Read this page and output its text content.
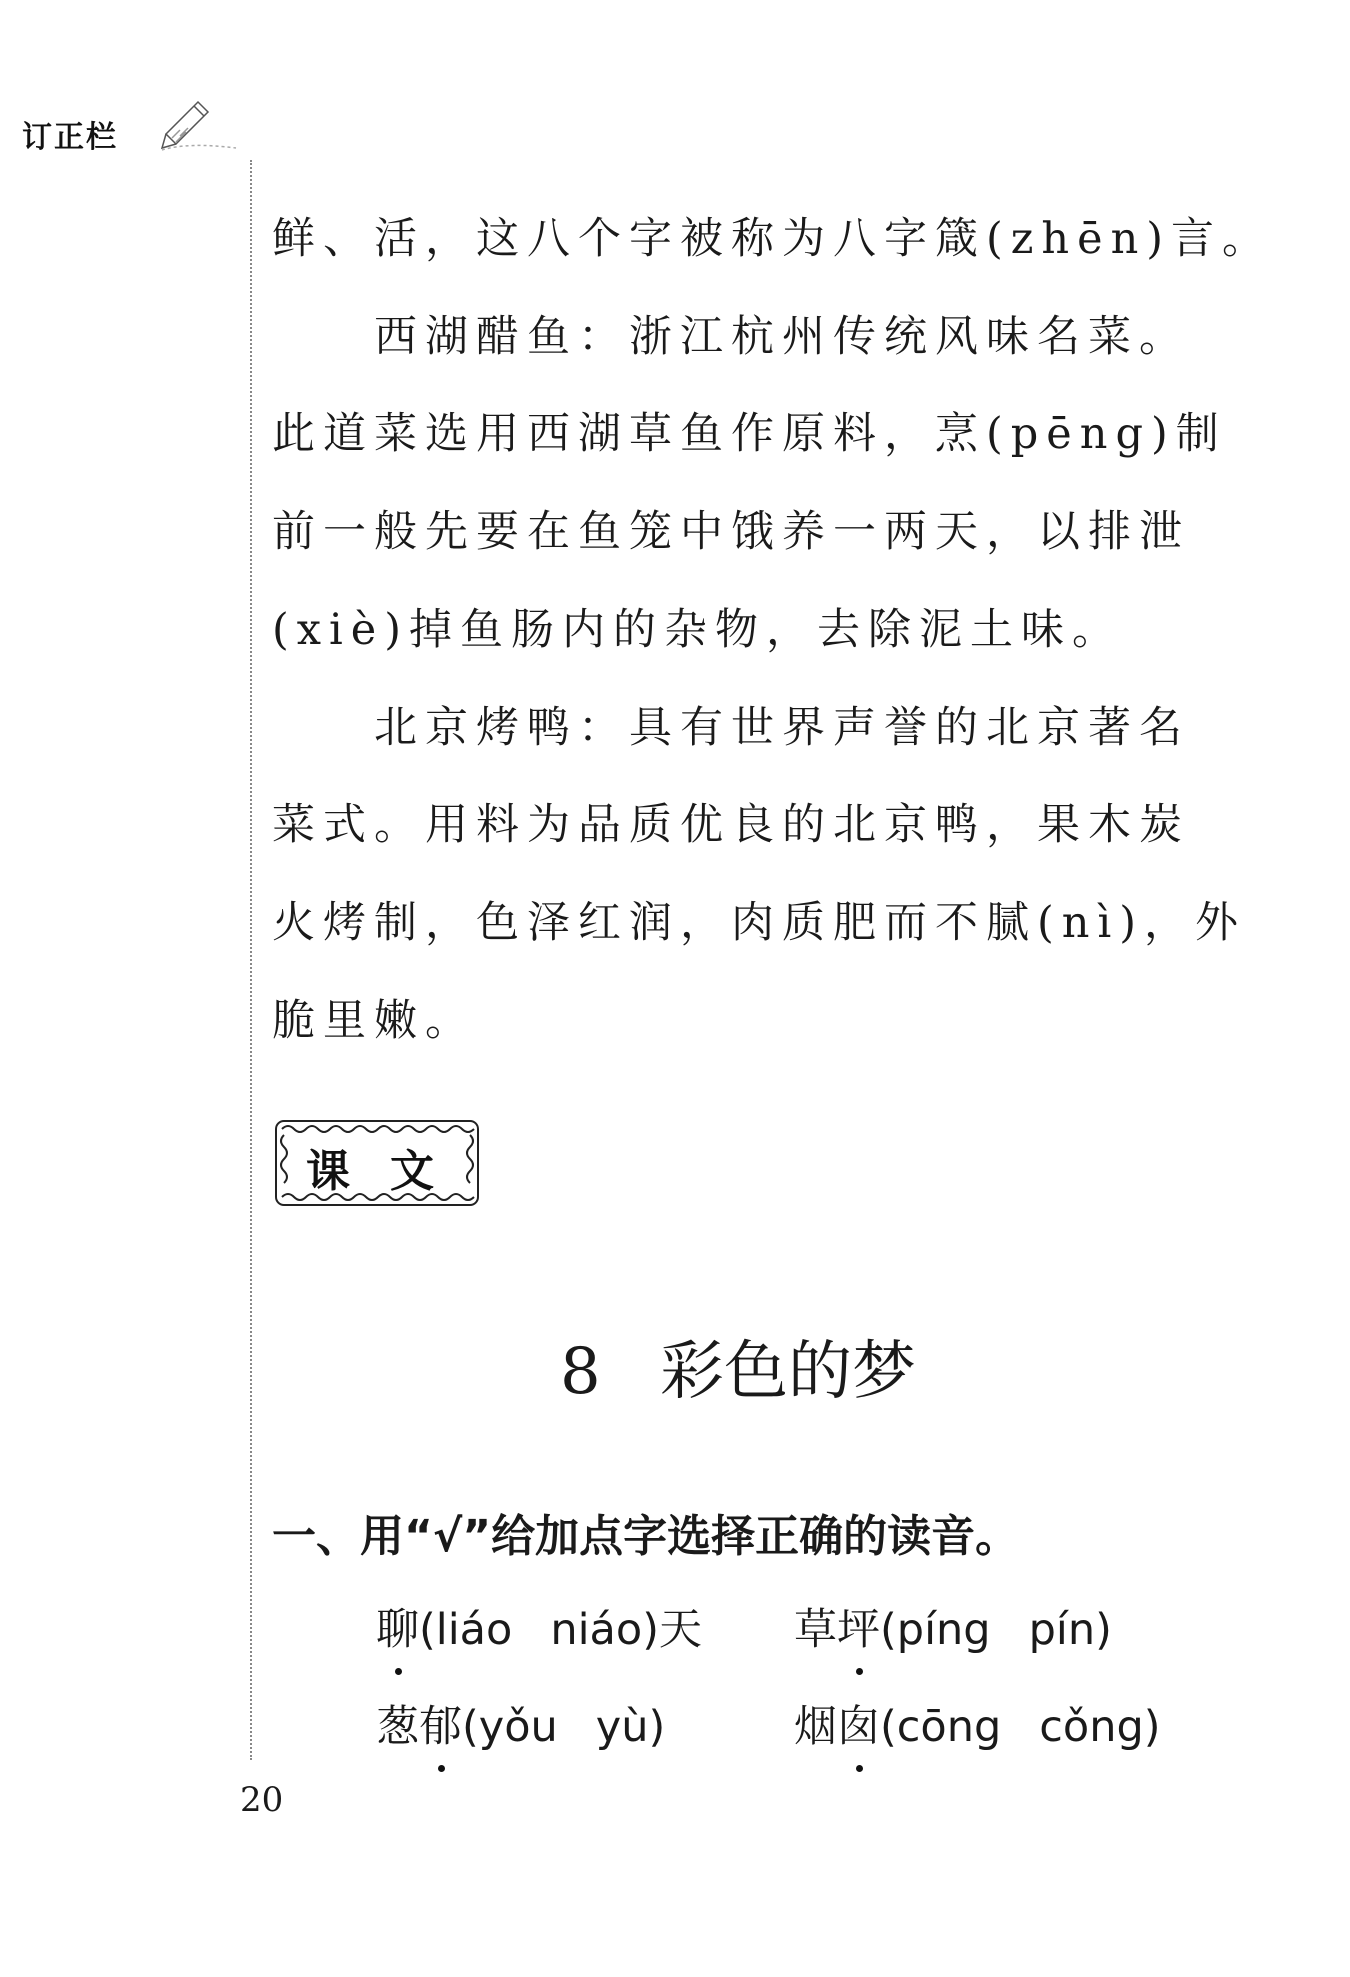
订正栏
鲜、活，这八个字被称为八字箴(zhēn)言。
　　西湖醋鱼：浙江杭州传统风味名菜。
此道菜选用西湖草鱼作原料，烹(pēng)制
前一般先要在鱼笼中饿养一两天，以排泄
(xiè)掉鱼肠内的杂物，去除泥土味。
　　北京烤鸭：具有世界声誉的北京著名
菜式。用料为品质优良的北京鸭，果木炭
火烤制，色泽红润，肉质肥而不腻(nì)，外
脆里嫩。
课文
8 彩色的梦
一、用“√”给加点字选择正确的读音。
聊(liáo niáo)天 草坪(píng pín)
葱郁(yǒu yù)	烟囱(cōng cǒng)
20
